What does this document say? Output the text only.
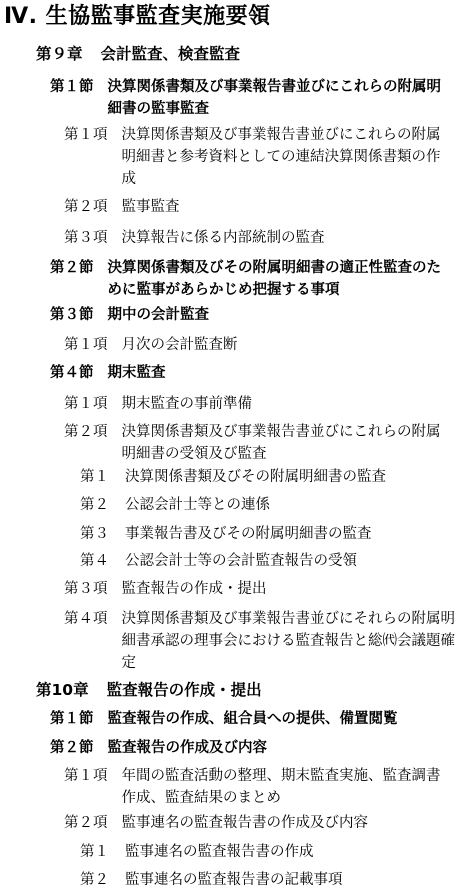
Ⅳ. 生協監事監査実施要領
第９章 会計監査、検査監査
第１節 決算関係書類及び事業報告書並びにこれらの附属明細書の監事監査
第１項 決算関係書類及び事業報告書並びにこれらの附属明細書と参考資料としての連結決算関係書類の作成
第２項 監事監査
第３項 決算報告に係る内部統制の監査
第２節 決算関係書類及びその附属明細書の適正性監査のために監事があらかじめ把握する事項
第３節 期中の会計監査
第１項 月次の会計監査断
第４節 期末監査
第１項 期末監査の事前準備
第２項 決算関係書類及び事業報告書並びにこれらの附属明細書の受領及び監査
第１ 決算関係書類及びその附属明細書の監査
第２ 公認会計士等との連係
第３ 事業報告書及びその附属明細書の監査
第４ 公認会計士等の会計監査報告の受領
第３項 監査報告の作成・提出
第４項 決算関係書類及び事業報告書並びにそれらの附属明細書承認の理事会における監査報告と総㈹会議題確定
第10章 監査報告の作成・提出
第１節 監査報告の作成、組合員への提供、備置閲覧
第２節 監査報告の作成及び内容
第１項 年間の監査活動の整理、期末監査実施、監査調書作成、監査結果のまとめ
第２項 監事連名の監査報告書の作成及び内容
第１ 監事連名の監査報告書の作成
第２ 監事連名の監査報告書の記載事項
